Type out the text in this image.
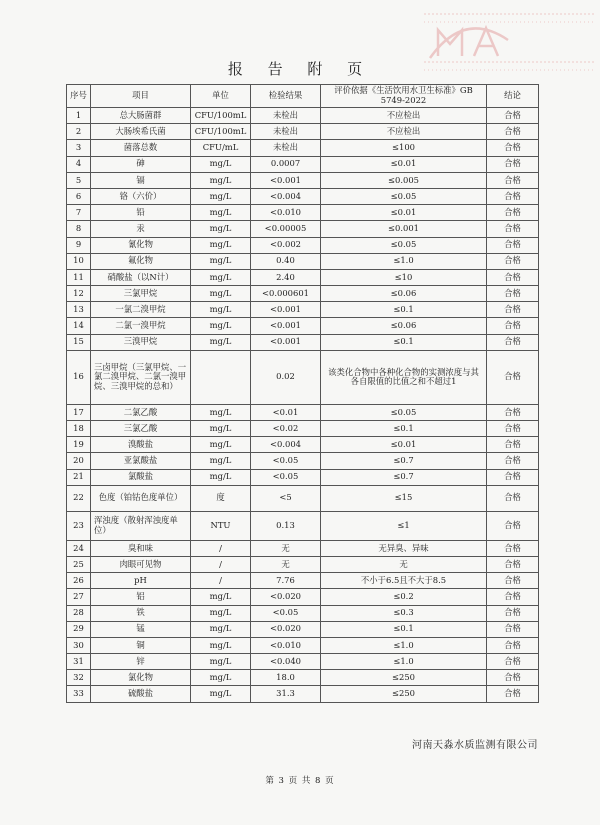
报 告 附 页
序号	项目	单位	检验结果	评价依据《生活饮用水卫生标准》GB 5749-2022	结论
1	总大肠菌群	CFU/100mL	未检出	不应检出	合格
2	大肠埃希氏菌	CFU/100mL	未检出	不应检出	合格
3	菌落总数	CFU/mL	未检出	≤100	合格
4	砷	mg/L	0.0007	≤0.01	合格
5	镉	mg/L	<0.001	≤0.005	合格
6	铬（六价）	mg/L	<0.004	≤0.05	合格
7	铅	mg/L	<0.010	≤0.01	合格
8	汞	mg/L	<0.00005	≤0.001	合格
9	氰化物	mg/L	<0.002	≤0.05	合格
10	氟化物	mg/L	0.40	≤1.0	合格
11	硝酸盐（以N计）	mg/L	2.40	≤10	合格
12	三氯甲烷	mg/L	<0.000601	≤0.06	合格
13	一氯二溴甲烷	mg/L	<0.001	≤0.1	合格
14	二氯一溴甲烷	mg/L	<0.001	≤0.06	合格
15	三溴甲烷	mg/L	<0.001	≤0.1	合格
16	三卤甲烷（三氯甲烷、一氯二溴甲烷、二氯一溴甲烷、三溴甲烷的总和）		0.02	该类化合物中各种化合物的实测浓度与其各自限值的比值之和不超过1	合格
17	二氯乙酸	mg/L	<0.01	≤0.05	合格
18	三氯乙酸	mg/L	<0.02	≤0.1	合格
19	溴酸盐	mg/L	<0.004	≤0.01	合格
20	亚氯酸盐	mg/L	<0.05	≤0.7	合格
21	氯酸盐	mg/L	<0.05	≤0.7	合格
22	色度（铂钴色度单位）	度	<5	≤15	合格
23	浑浊度（散射浑浊度单位）	NTU	0.13	≤1	合格
24	臭和味	/	无	无异臭、异味	合格
25	肉眼可见物	/	无	无	合格
26	pH	/	7.76	不小于6.5且不大于8.5	合格
27	铝	mg/L	<0.020	≤0.2	合格
28	铁	mg/L	<0.05	≤0.3	合格
29	锰	mg/L	<0.020	≤0.1	合格
30	铜	mg/L	<0.010	≤1.0	合格
31	锌	mg/L	<0.040	≤1.0	合格
32	氯化物	mg/L	18.0	≤250	合格
33	硫酸盐	mg/L	31.3	≤250	合格
河南天淼水质监测有限公司
第 3 页 共 8 页
